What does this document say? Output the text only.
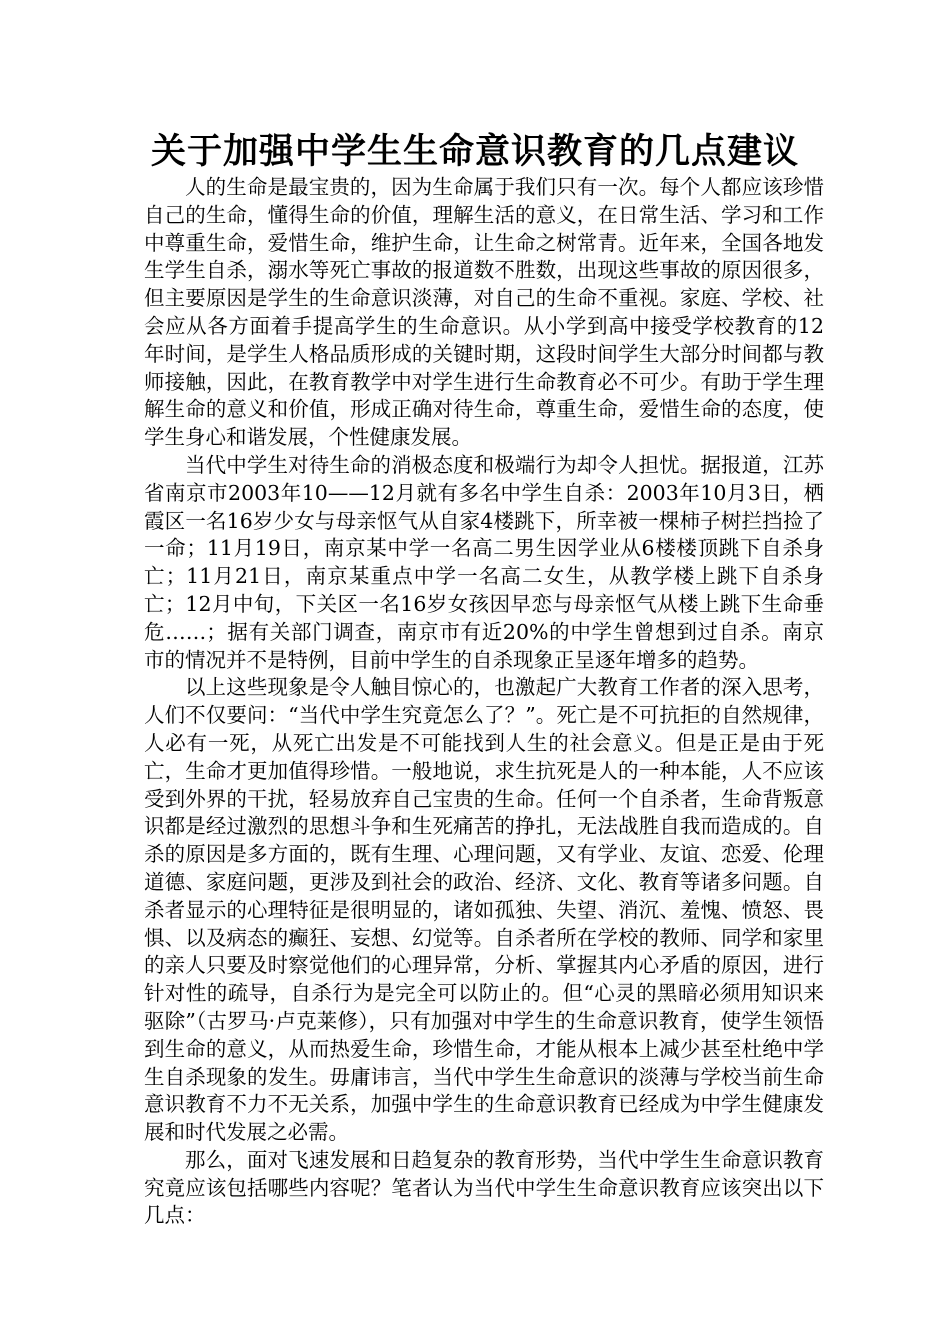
关于加强中学生生命意识教育的几点建议

人的生命是最宝贵的，因为生命属于我们只有一次。每个人都应该珍惜自己的生命，懂得生命的价值，理解生活的意义，在日常生活、学习和工作中尊重生命，爱惜生命，维护生命，让生命之树常青。近年来，全国各地发生学生自杀，溺水等死亡事故的报道数不胜数，出现这些事故的原因很多，但主要原因是学生的生命意识淡薄，对自己的生命不重视。家庭、学校、社会应从各方面着手提高学生的生命意识。从小学到高中接受学校教育的12年时间，是学生人格品质形成的关键时期，这段时间学生大部分时间都与教师接触，因此，在教育教学中对学生进行生命教育必不可少。有助于学生理解生命的意义和价值，形成正确对待生命，尊重生命，爱惜生命的态度，使学生身心和谐发展，个性健康发展。

当代中学生对待生命的消极态度和极端行为却令人担忧。据报道，江苏省南京市2003年10——12月就有多名中学生自杀：2003年10月3日，栖霞区一名16岁少女与母亲怄气从自家4楼跳下，所幸被一棵柿子树拦挡捡了一命；11月19日，南京某中学一名高二男生因学业从6楼楼顶跳下自杀身亡；11月21日，南京某重点中学一名高二女生，从教学楼上跳下自杀身亡；12月中旬，下关区一名16岁女孩因早恋与母亲怄气从楼上跳下生命垂危……；据有关部门调查，南京市有近20%的中学生曾想到过自杀。南京市的情况并不是特例，目前中学生的自杀现象正呈逐年增多的趋势。

以上这些现象是令人触目惊心的，也激起广大教育工作者的深入思考，人们不仅要问：“当代中学生究竟怎么了？”。死亡是不可抗拒的自然规律，人必有一死，从死亡出发是不可能找到人生的社会意义。但是正是由于死亡，生命才更加值得珍惜。一般地说，求生抗死是人的一种本能，人不应该受到外界的干扰，轻易放弃自己宝贵的生命。任何一个自杀者，生命背叛意识都是经过激烈的思想斗争和生死痛苦的挣扎，无法战胜自我而造成的。自杀的原因是多方面的，既有生理、心理问题，又有学业、友谊、恋爱、伦理道德、家庭问题，更涉及到社会的政治、经济、文化、教育等诸多问题。自杀者显示的心理特征是很明显的，诸如孤独、失望、消沉、羞愧、愤怒、畏惧、以及病态的癫狂、妄想、幻觉等。自杀者所在学校的教师、同学和家里的亲人只要及时察觉他们的心理异常，分析、掌握其内心矛盾的原因，进行针对性的疏导，自杀行为是完全可以防止的。但“心灵的黑暗必须用知识来驱除”（古罗马·卢克莱修），只有加强对中学生的生命意识教育，使学生领悟到生命的意义，从而热爱生命，珍惜生命，才能从根本上减少甚至杜绝中学生自杀现象的发生。毋庸讳言，当代中学生生命意识的淡薄与学校当前生命意识教育不力不无关系，加强中学生的生命意识教育已经成为中学生健康发展和时代发展之必需。

那么，面对飞速发展和日趋复杂的教育形势，当代中学生生命意识教育究竟应该包括哪些内容呢？笔者认为当代中学生生命意识教育应该突出以下几点：
